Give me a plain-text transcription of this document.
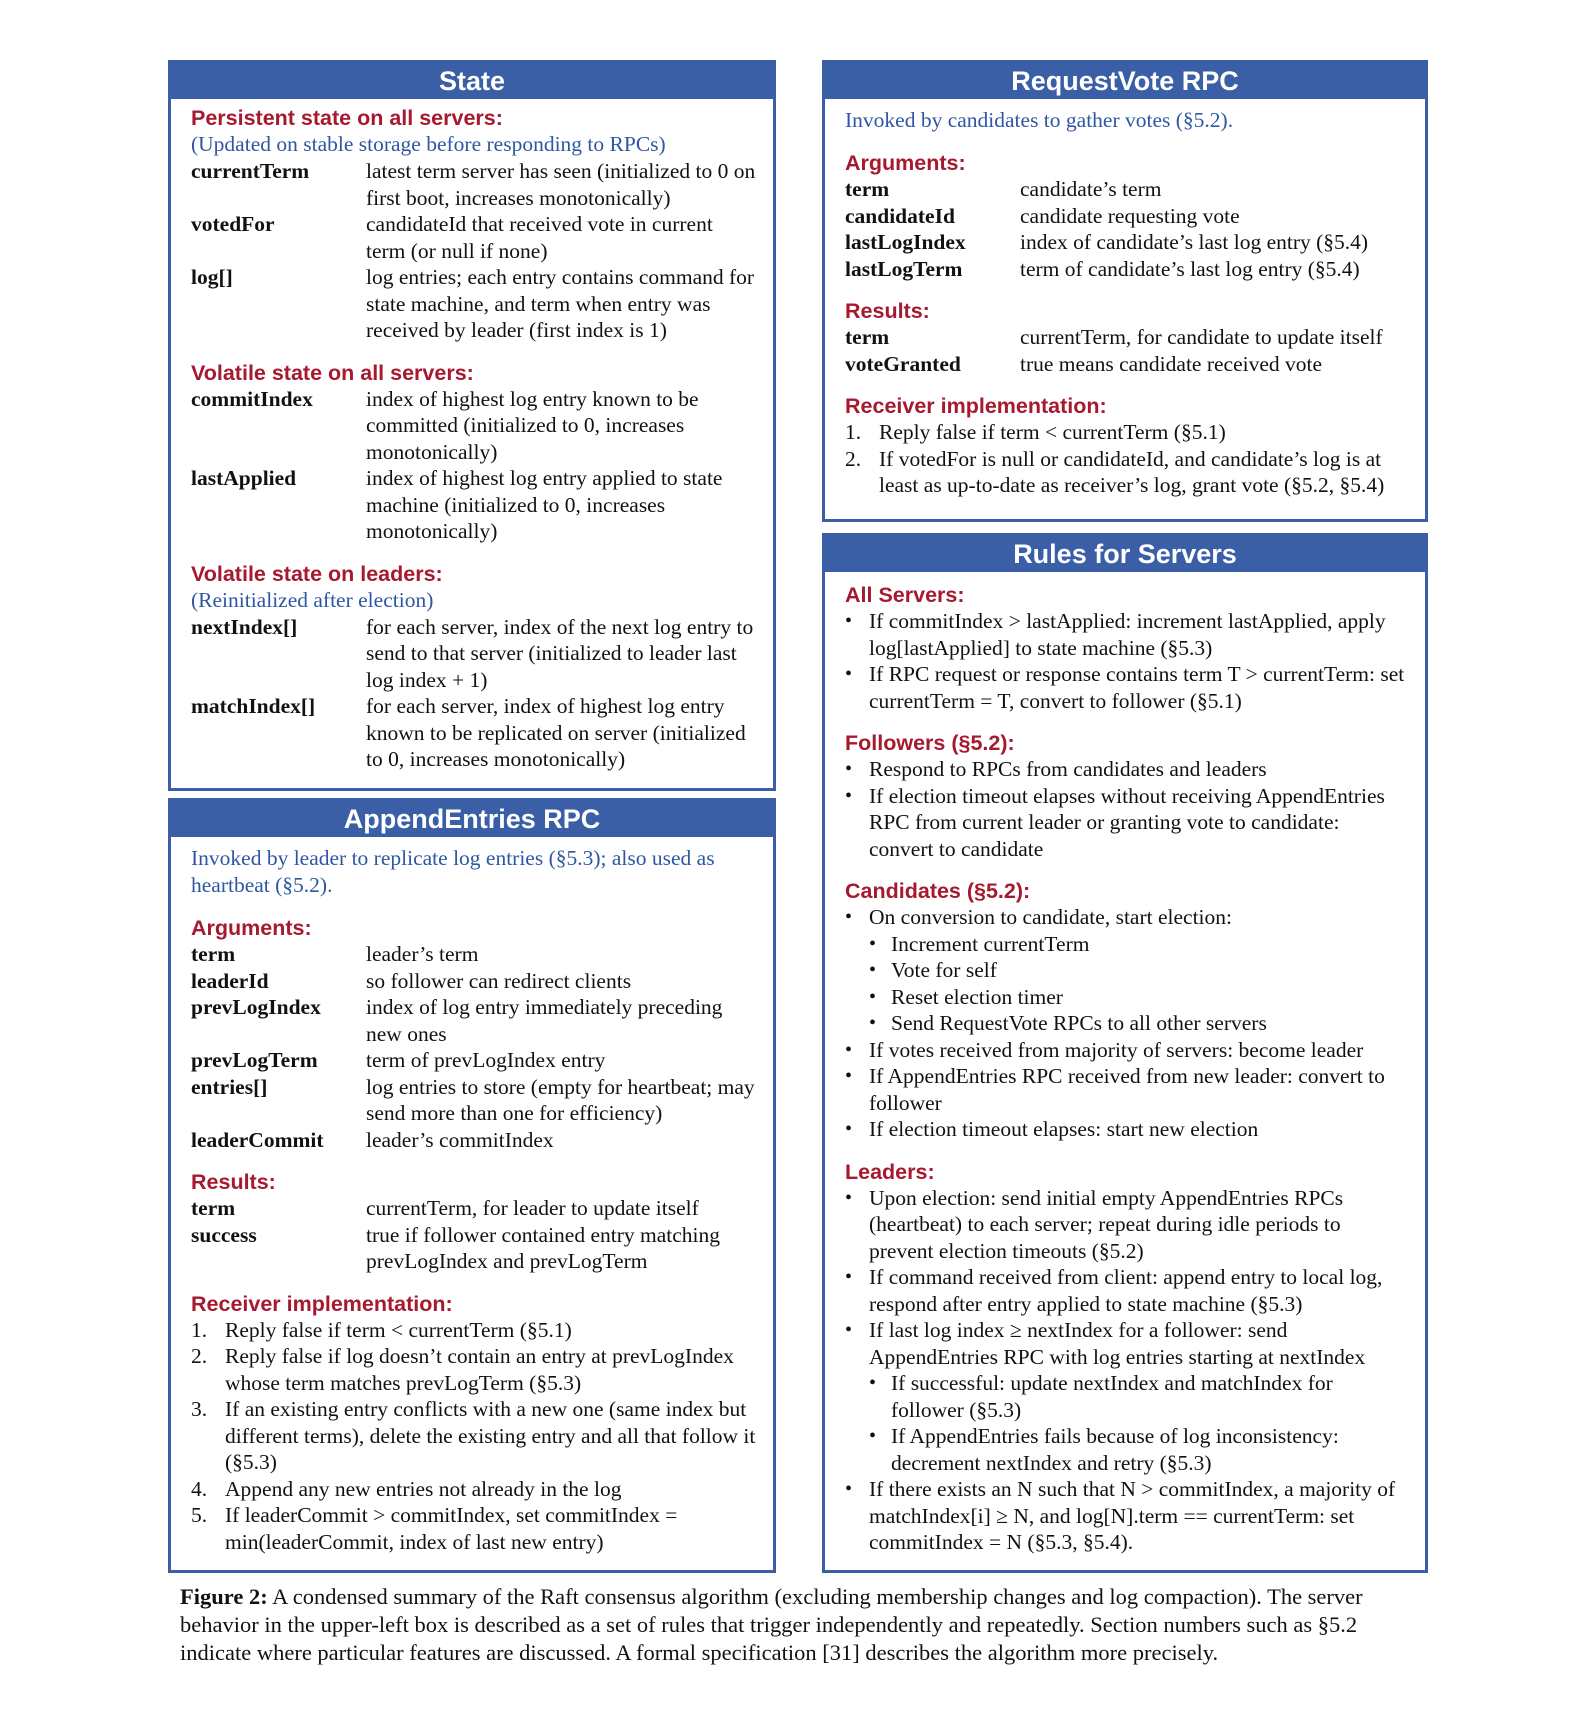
State
Persistent state on all servers:
(Updated on stable storage before responding to RPCs)
currentTerm	latest term server has seen (initialized to 0 on first boot, increases monotonically)
votedFor	candidateId that received vote in current term (or null if none)
log[]	log entries; each entry contains command for state machine, and term when entry was received by leader (first index is 1)
Volatile state on all servers:
commitIndex	index of highest log entry known to be committed (initialized to 0, increases monotonically)
lastApplied	index of highest log entry applied to state machine (initialized to 0, increases monotonically)
Volatile state on leaders:
(Reinitialized after election)
nextIndex[]	for each server, index of the next log entry to send to that server (initialized to leader last log index + 1)
matchIndex[]	for each server, index of highest log entry known to be replicated on server (initialized to 0, increases monotonically)
AppendEntries RPC
Invoked by leader to replicate log entries (§5.3); also used as heartbeat (§5.2).
Arguments:
term	leader’s term
leaderId	so follower can redirect clients
prevLogIndex	index of log entry immediately preceding new ones
prevLogTerm	term of prevLogIndex entry
entries[]	log entries to store (empty for heartbeat; may send more than one for efficiency)
leaderCommit	leader’s commitIndex
Results:
term	currentTerm, for leader to update itself
success	true if follower contained entry matching prevLogIndex and prevLogTerm
Receiver implementation:
1. Reply false if term < currentTerm (§5.1)
2. Reply false if log doesn’t contain an entry at prevLogIndex whose term matches prevLogTerm (§5.3)
3. If an existing entry conflicts with a new one (same index but different terms), delete the existing entry and all that follow it (§5.3)
4. Append any new entries not already in the log
5. If leaderCommit > commitIndex, set commitIndex = min(leaderCommit, index of last new entry)
RequestVote RPC
Invoked by candidates to gather votes (§5.2).
Arguments:
term	candidate’s term
candidateId	candidate requesting vote
lastLogIndex	index of candidate’s last log entry (§5.4)
lastLogTerm	term of candidate’s last log entry (§5.4)
Results:
term	currentTerm, for candidate to update itself
voteGranted	true means candidate received vote
Receiver implementation:
1. Reply false if term < currentTerm (§5.1)
2. If votedFor is null or candidateId, and candidate’s log is at least as up-to-date as receiver’s log, grant vote (§5.2, §5.4)
Rules for Servers
All Servers:
• If commitIndex > lastApplied: increment lastApplied, apply log[lastApplied] to state machine (§5.3)
• If RPC request or response contains term T > currentTerm: set currentTerm = T, convert to follower (§5.1)
Followers (§5.2):
• Respond to RPCs from candidates and leaders
• If election timeout elapses without receiving AppendEntries RPC from current leader or granting vote to candidate: convert to candidate
Candidates (§5.2):
• On conversion to candidate, start election:
• Increment currentTerm
• Vote for self
• Reset election timer
• Send RequestVote RPCs to all other servers
• If votes received from majority of servers: become leader
• If AppendEntries RPC received from new leader: convert to follower
• If election timeout elapses: start new election
Leaders:
• Upon election: send initial empty AppendEntries RPCs (heartbeat) to each server; repeat during idle periods to prevent election timeouts (§5.2)
• If command received from client: append entry to local log, respond after entry applied to state machine (§5.3)
• If last log index ≥ nextIndex for a follower: send AppendEntries RPC with log entries starting at nextIndex
• If successful: update nextIndex and matchIndex for follower (§5.3)
• If AppendEntries fails because of log inconsistency: decrement nextIndex and retry (§5.3)
• If there exists an N such that N > commitIndex, a majority of matchIndex[i] ≥ N, and log[N].term == currentTerm: set commitIndex = N (§5.3, §5.4).
Figure 2: A condensed summary of the Raft consensus algorithm (excluding membership changes and log compaction). The server behavior in the upper-left box is described as a set of rules that trigger independently and repeatedly. Section numbers such as §5.2 indicate where particular features are discussed. A formal specification [31] describes the algorithm more precisely.
